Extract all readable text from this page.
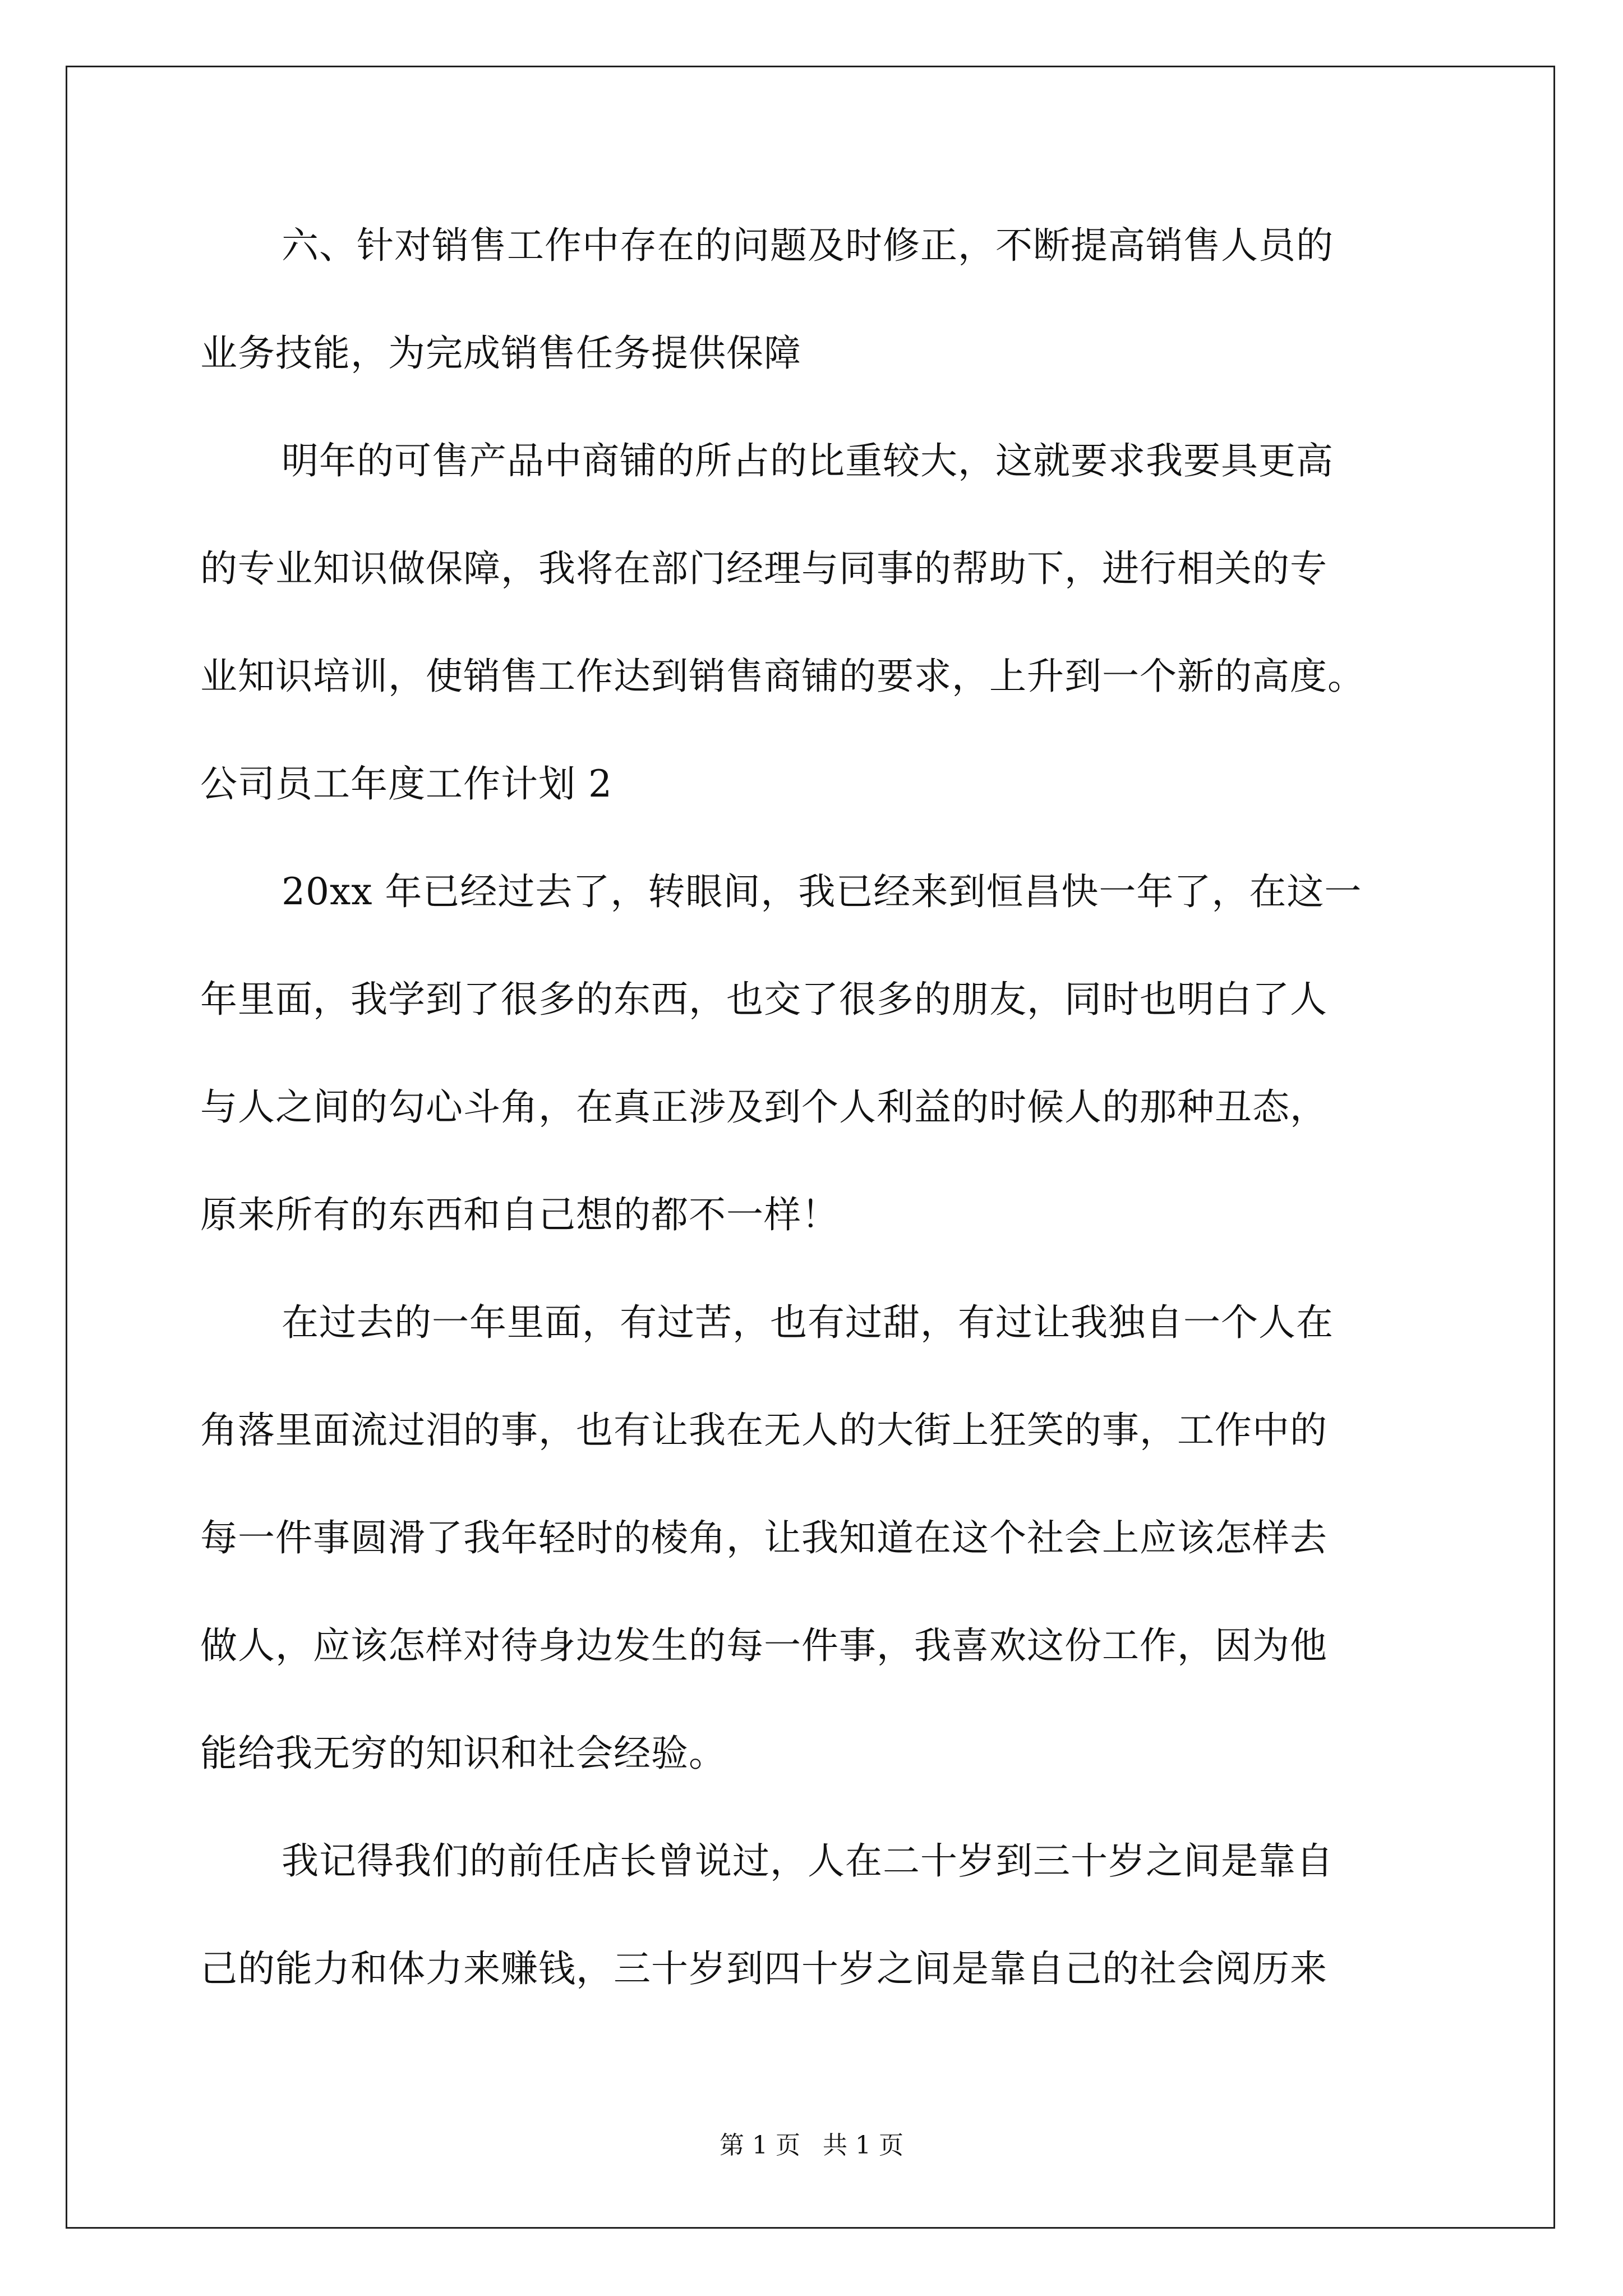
六、针对销售工作中存在的问题及时修正，不断提高销售人员的

业务技能，为完成销售任务提供保障

明年的可售产品中商铺的所占的比重较大，这就要求我要具更高

的专业知识做保障，我将在部门经理与同事的帮助下，进行相关的专

业知识培训，使销售工作达到销售商铺的要求，上升到一个新的高度。

公司员工年度工作计划 2

20xx 年已经过去了，转眼间，我已经来到恒昌快一年了，在这一

年里面，我学到了很多的东西，也交了很多的朋友，同时也明白了人

与人之间的勾心斗角，在真正涉及到个人利益的时候人的那种丑态，

原来所有的东西和自己想的都不一样！

在过去的一年里面，有过苦，也有过甜，有过让我独自一个人在

角落里面流过泪的事，也有让我在无人的大街上狂笑的事，工作中的

每一件事圆滑了我年轻时的棱角，让我知道在这个社会上应该怎样去

做人，应该怎样对待身边发生的每一件事，我喜欢这份工作，因为他

能给我无穷的知识和社会经验。

我记得我们的前任店长曾说过，人在二十岁到三十岁之间是靠自

己的能力和体力来赚钱，三十岁到四十岁之间是靠自己的社会阅历来

第 1 页 共 1 页
